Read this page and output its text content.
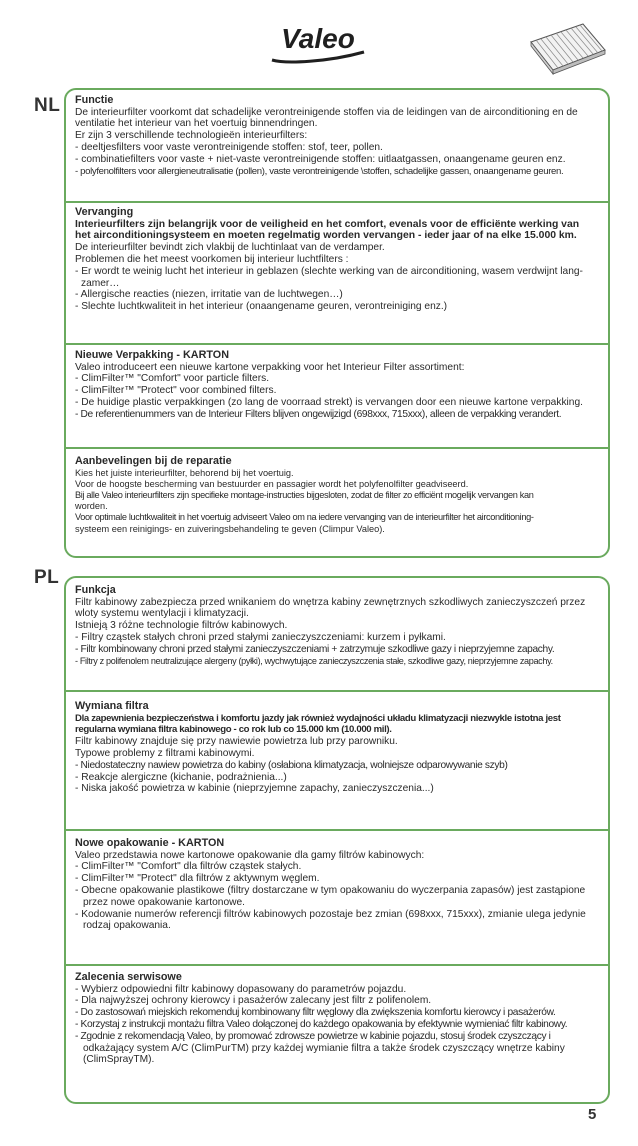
Valeo
NL Functie
De interieurfilter voorkomt dat schadelijke verontreinigende stoffen via de leidingen van de airconditioning en de
ventilatie het interieur van het voertuig binnendringen.
Er zijn 3 verschillende technologieën interieurfilters:
- deeltjesfilters voor vaste verontreinigende stoffen: stof, teer, pollen.
- combinatiefilters voor vaste + niet-vaste verontreinigende stoffen: uitlaatgassen, onaangename geuren enz.
- polyfenolfilters voor allergieneutralisatie (pollen), vaste verontreinigende \stoffen, schadelijke gassen, onaangename geuren.
Vervanging
Interieurfilters zijn belangrijk voor de veiligheid en het comfort, evenals voor de efficiënte werking van
het airconditioningsysteem en moeten regelmatig worden vervangen - ieder jaar of na elke 15.000 km.
De interieurfilter bevindt zich vlakbij de luchtinlaat van de verdamper.
Problemen die het meest voorkomen bij interieur luchtfilters :
- Er wordt te weinig lucht het interieur in geblazen (slechte werking van de airconditioning, wasem verdwijnt lang-
zamer…
- Allergische reacties (niezen, irritatie van de luchtwegen…)
- Slechte luchtkwaliteit in het interieur (onaangename geuren, verontreiniging enz.)
Nieuwe Verpakking - KARTON
Valeo introduceert een nieuwe kartone verpakking voor het Interieur Filter assortiment:
- ClimFilter™ "Comfort" voor particle filters.
- ClimFilter™ "Protect" voor combined filters.
- De huidige plastic verpakkingen (zo lang de voorraad strekt) is vervangen door een nieuwe kartone verpakking.
- De referentienummers van de Interieur Filters blijven ongewijzigd (698xxx, 715xxx), alleen de verpakking verandert.
Aanbevelingen bij de reparatie
Kies het juiste interieurfilter, behorend bij het voertuig.
Voor de hoogste bescherming van bestuurder en passagier wordt het polyfenolfilter geadviseerd.
Bij alle Valeo interieurfilters zijn specifieke montage-instructies bijgesloten, zodat de filter zo efficiënt mogelijk vervangen kan
worden.
Voor optimale luchtkwaliteit in het voertuig adviseert Valeo om na iedere vervanging van de interieurfilter het airconditioning-
systeem een reinigings- en zuiveringsbehandeling te geven (Climpur Valeo).
PL
Funkcja
Filtr kabinowy zabezpiecza przed wnikaniem do wnętrza kabiny zewnętrznych szkodliwych zanieczyszczeń przez
wloty systemu wentylacji i klimatyzacji.
Istnieją 3 różne technologie filtrów kabinowych.
- Filtry cząstek stałych chroni przed stałymi zanieczyszczeniami: kurzem i pyłkami.
- Filtr kombinowany chroni przed stałymi zanieczyszczeniami + zatrzymuje szkodliwe gazy i nieprzyjemne zapachy.
- Filtry z polifenolem neutralizujące alergeny (pyłki), wychwytujące zanieczyszczenia stałe, szkodliwe gazy, nieprzyjemne zapachy.
Wymiana filtra
Dla zapewnienia bezpieczeństwa i komfortu jazdy jak również wydajności układu klimatyzacji niezwykle istotna jest
regularna wymiana filtra kabinowego - co rok lub co 15.000 km (10.000 mil).
Filtr kabinowy znajduje się przy nawiewie powietrza lub przy parowniku.
Typowe problemy z filtrami kabinowymi.
- Niedostateczny nawiew powietrza do kabiny (osłabiona klimatyzacja, wolniejsze odparowywanie szyb)
- Reakcje alergiczne (kichanie, podrażnienia...)
- Niska jakość powietrza w kabinie (nieprzyjemne zapachy, zanieczyszczenia...)
Nowe opakowanie - KARTON
Valeo przedstawia nowe kartonowe opakowanie dla gamy filtrów kabinowych:
- ClimFilter™ "Comfort" dla filtrów cząstek stałych.
- ClimFilter™ "Protect" dla filtrów z aktywnym węglem.
- Obecne opakowanie plastikowe (filtry dostarczane w tym opakowaniu do wyczerpania zapasów) jest zastąpione
przez nowe opakowanie kartonowe.
- Kodowanie numerów referencji filtrów kabinowych pozostaje bez zmian (698xxx, 715xxx), zmianie ulega jedynie
rodzaj opakowania.
Zalecenia serwisowe
- Wybierz odpowiedni filtr kabinowy dopasowany do parametrów pojazdu.
- Dla najwyższej ochrony kierowcy i pasażerów zalecany jest filtr z polifenolem.
- Do zastosowań miejskich rekomenduj kombinowany filtr węglowy dla zwiększenia komfortu kierowcy i pasażerów.
- Korzystaj z instrukcji montażu filtra Valeo dołączonej do każdego opakowania by efektywnie wymieniać filtr kabinowy.
- Zgodnie z rekomendacją Valeo, by promować zdrowsze powietrze w kabinie pojazdu, stosuj środek czyszczący i
odkażający system A/C (ClimPurTM) przy każdej wymianie filtra a także środek czyszczący wnętrze kabiny
(ClimSprayTM).
5
